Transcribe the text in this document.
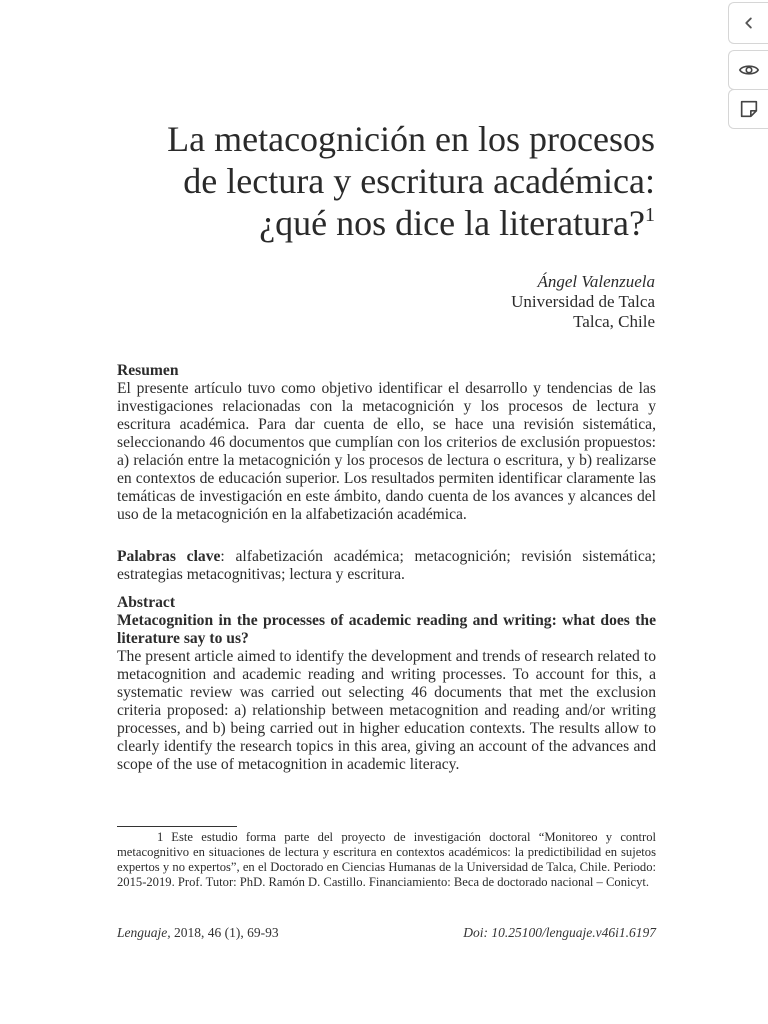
La metacognición en los procesos
de lectura y escritura académica:
¿qué nos dice la literatura?$^1$
Ángel Valenzuela
Universidad de Talca
Talca, Chile

Resumen

El presente artículo tuvo como objetivo identificar el desarrollo y tendencias de las investigaciones relacionadas con la metacognición y los procesos de lectura y escritura académica. Para dar cuenta de ello, se hace una revisión sistemática, seleccionando 46 documentos que cumplían con los criterios de exclusión propuestos: a) relación entre la metacognición y los procesos de lectura o escritura, y b) realizarse en contextos de educación superior. Los resultados permiten identificar claramente las temáticas de investigación en este ámbito, dando cuenta de los avances y alcances del uso de la metacognición en la alfabetización académica.

Palabras clave: alfabetización académica; metacognición; revisión sistemática; estrategias metacognitivas; lectura y escritura.

Abstract

Metacognition in the processes of academic reading and writing: what does the literature say to us?

The present article aimed to identify the development and trends of research related to metacognition and academic reading and writing processes. To account for this, a systematic review was carried out selecting 46 documents that met the exclusion criteria proposed: a) relationship between metacognition and reading and/or writing processes, and b) being carried out in higher education contexts. The results allow to clearly identify the research topics in this area, giving an account of the advances and scope of the use of metacognition in academic literacy.

1 Este estudio forma parte del proyecto de investigación doctoral “Monitoreo y control metacognitivo en situaciones de lectura y escritura en contextos académicos: la predictibilidad en sujetos expertos y no expertos”, en el Doctorado en Ciencias Humanas de la Universidad de Talca, Chile. Periodo: 2015-2019. Prof. Tutor: PhD. Ramón D. Castillo. Financiamiento: Beca de doctorado nacional – Conicyt.
Lenguaje, 2018, 46 (1), 69-93	Doi: 10.25100/lenguaje.v46i1.6197
